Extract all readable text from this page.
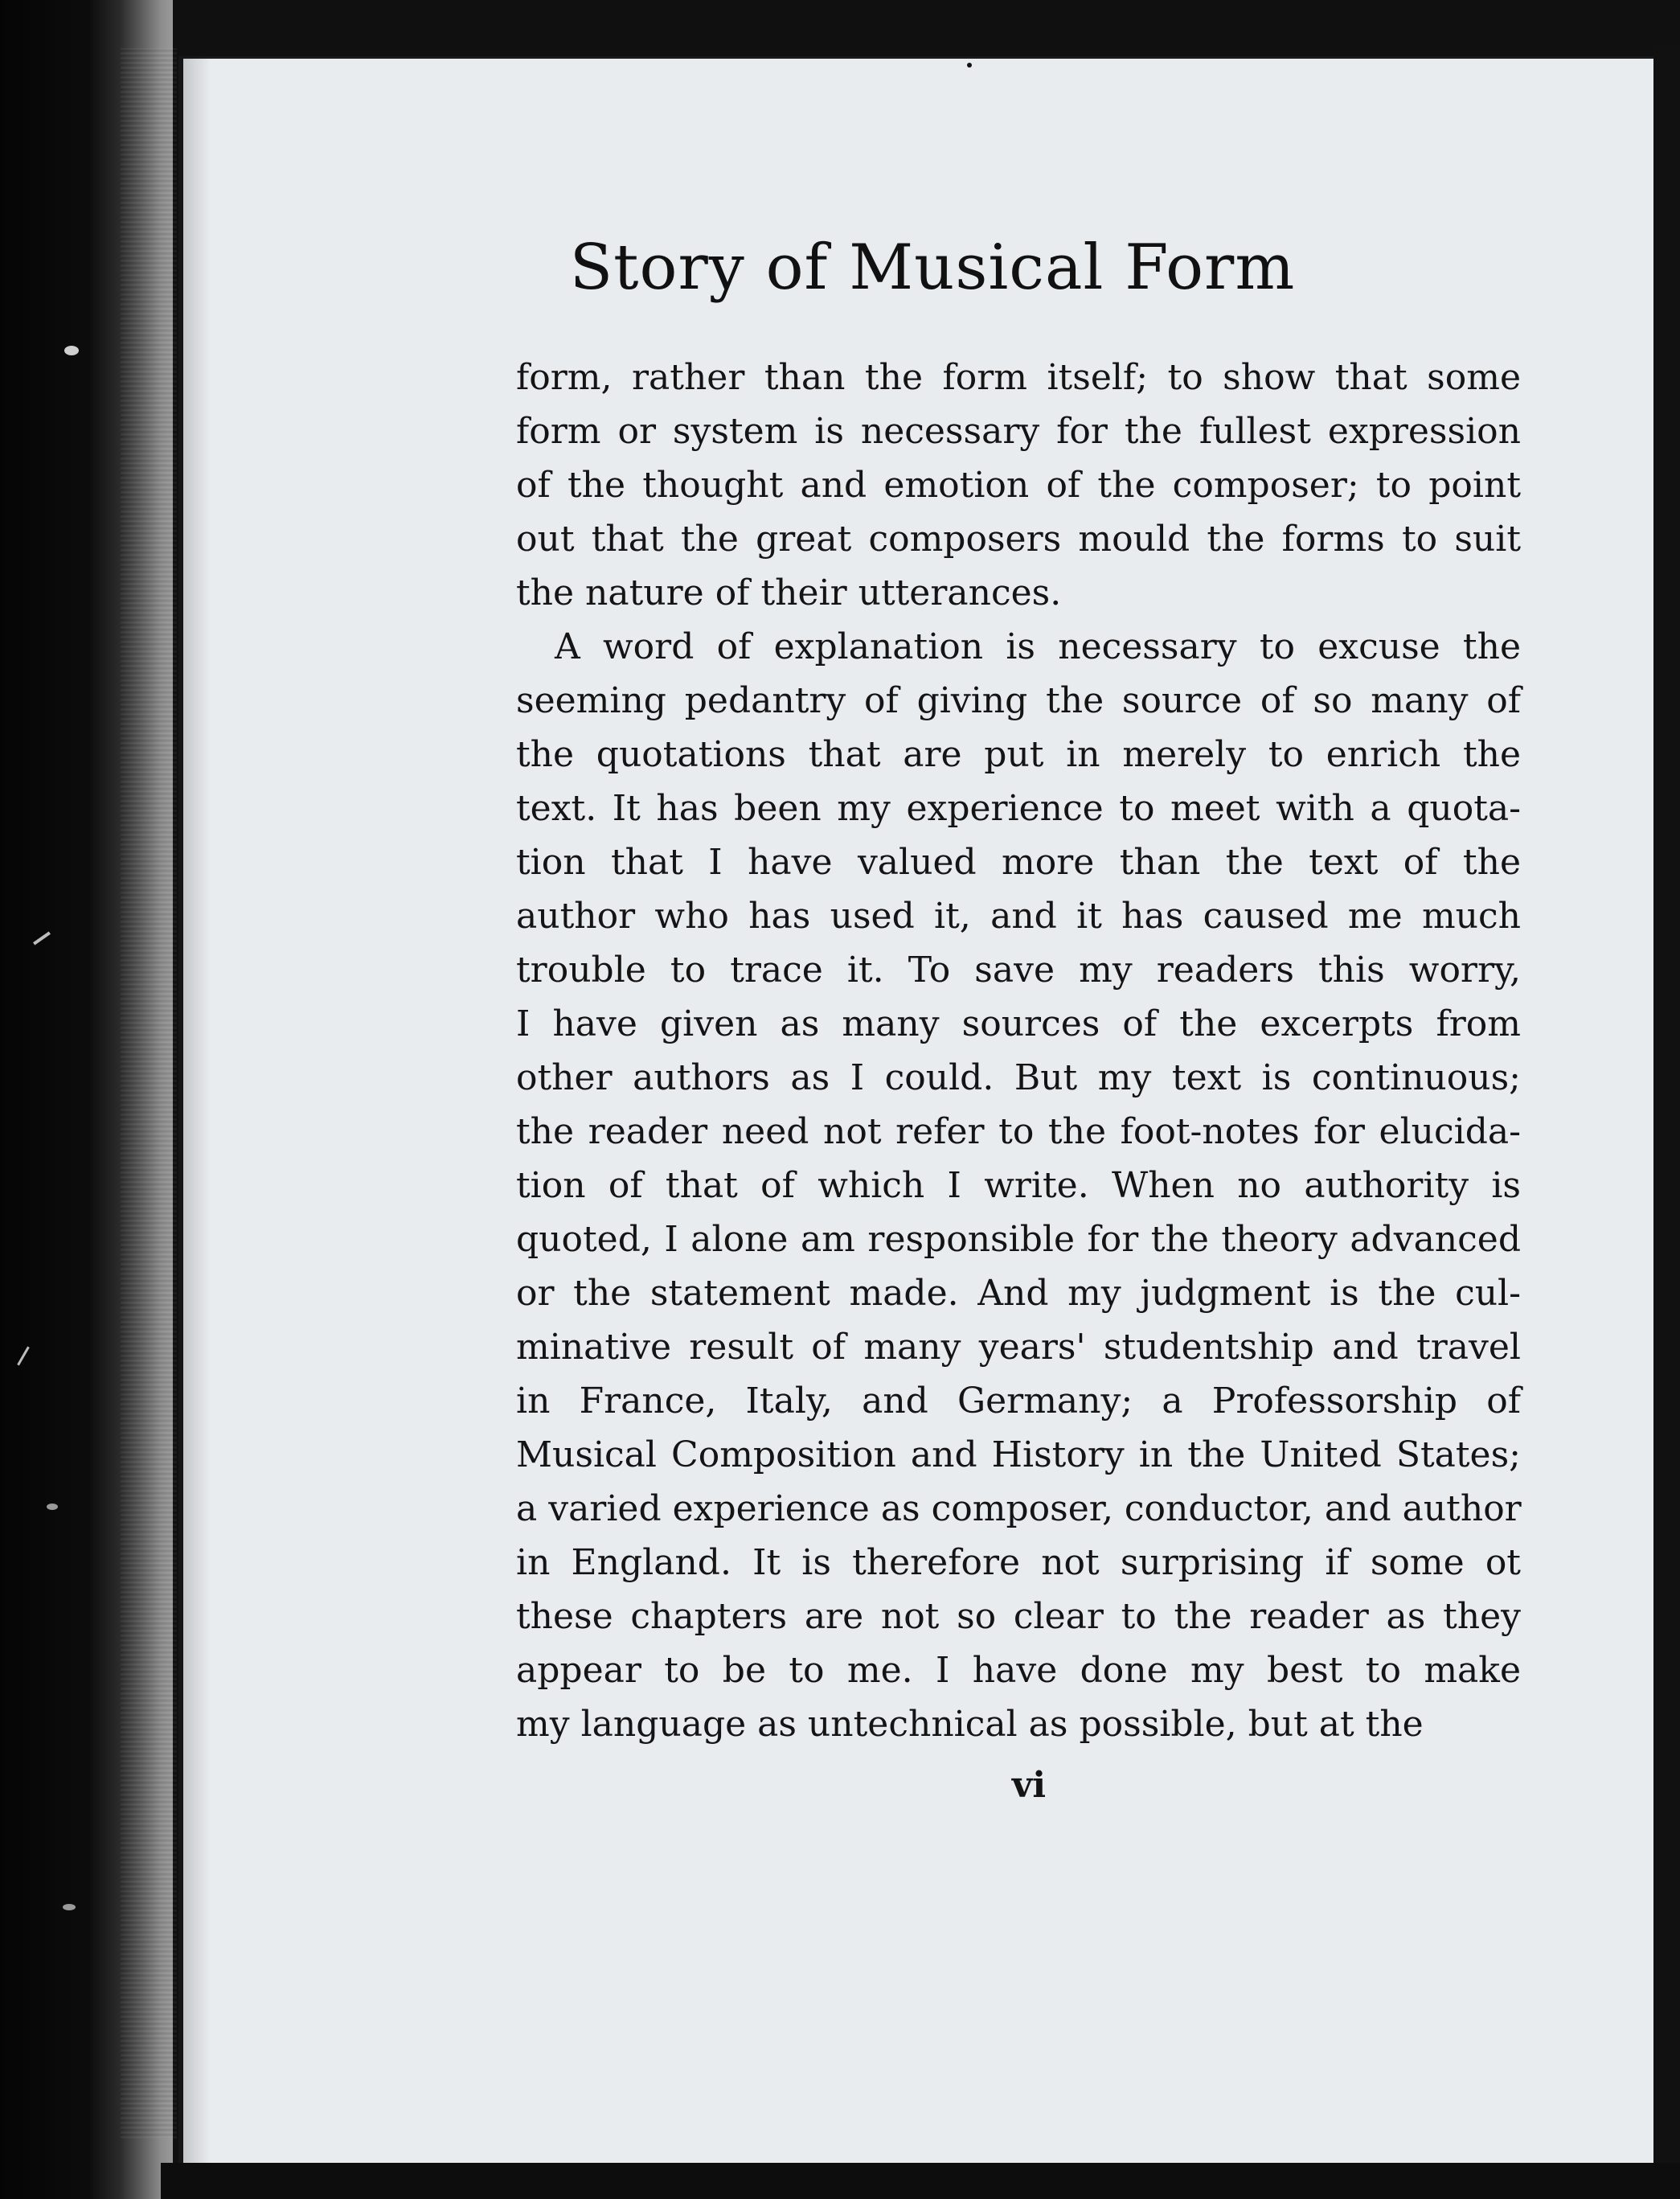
Story of Musical Form
form, rather than the form itself; to show that some
form or system is necessary for the fullest expression
of the thought and emotion of the composer; to point
out that the great composers mould the forms to suit
the nature of their utterances.
A word of explanation is necessary to excuse the
seeming pedantry of giving the source of so many of
the quotations that are put in merely to enrich the
text. It has been my experience to meet with a quota-
tion that I have valued more than the text of the
author who has used it, and it has caused me much
trouble to trace it. To save my readers this worry,
I have given as many sources of the excerpts from
other authors as I could. But my text is continuous;
the reader need not refer to the foot-notes for elucida-
tion of that of which I write. When no authority is
quoted, I alone am responsible for the theory advanced
or the statement made. And my judgment is the cul-
minative result of many years' studentship and travel
in France, Italy, and Germany; a Professorship of
Musical Composition and History in the United States;
a varied experience as composer, conductor, and author
in England. It is therefore not surprising if some ot
these chapters are not so clear to the reader as they
appear to be to me. I have done my best to make
my language as untechnical as possible, but at the
vi
